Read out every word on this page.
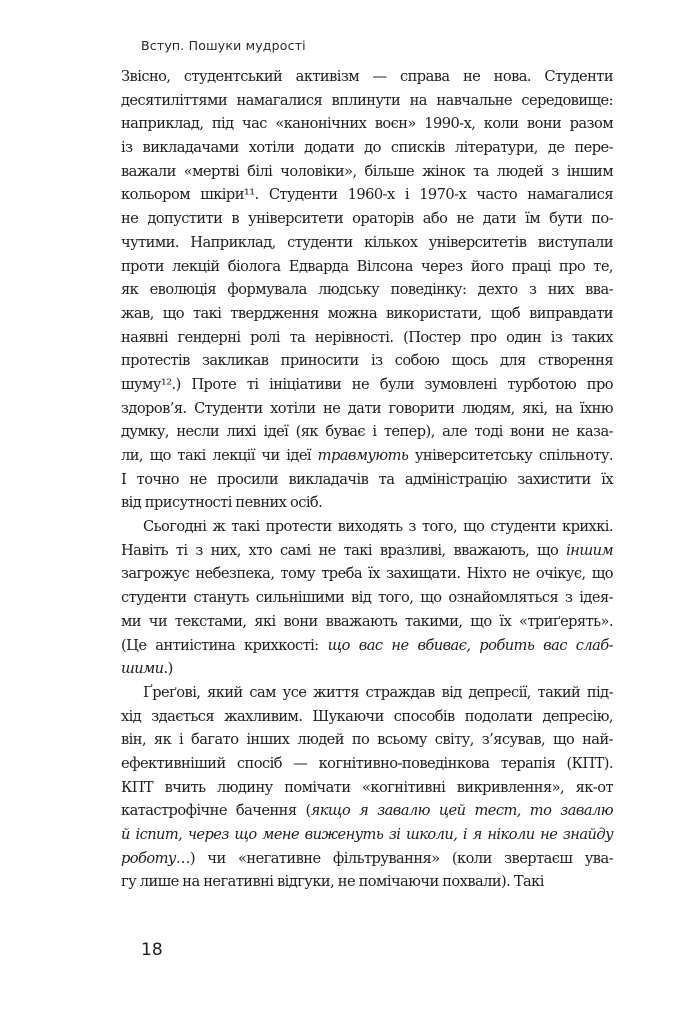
Вступ. Пошуки мудрості
Звісно, студентський активізм — справа не нова. Студенти
десятиліттями намагалися вплинути на навчальне середовище:
наприклад, під час «канонічних воєн» 1990-х, коли вони разом
із викладачами хотіли додати до списків літератури, де пере-
важали «мертві білі чоловіки», більше жінок та людей з іншим
кольором шкіри¹¹. Студенти 1960-х і 1970-х часто намагалися
не допустити в університети ораторів або не дати їм бути по-
чутими. Наприклад, студенти кількох університетів виступали
проти лекцій біолога Едварда Вілсона через його праці про те,
як еволюція формувала людську поведінку: дехто з них вва-
жав, що такі твердження можна використати, щоб виправдати
наявні гендерні ролі та нерівності. (Постер про один із таких
протестів закликав приносити із собою щось для створення
шуму¹².) Проте ті ініціативи не були зумовлені турботою про
здоров’я. Студенти хотіли не дати говорити людям, які, на їхню
думку, несли лихі ідеї (як буває і тепер), але тоді вони не каза-
ли, що такі лекції чи ідеї травмують університетську спільноту.
І точно не просили викладачів та адміністрацію захистити їх
від присутності певних осіб.
Сьогодні ж такі протести виходять з того, що студенти крихкі.
Навіть ті з них, хто самі не такі вразливі, вважають, що іншим
загрожує небезпека, тому треба їх захищати. Ніхто не очікує, що
студенти стануть сильнішими від того, що ознайомляться з ідея-
ми чи текстами, які вони вважають такими, що їх «триґерять».
(Це антиістина крихкості: що вас не вбиває, робить вас слаб-
шими.)
Ґреґові, який сам усе життя страждав від депресії, такий під-
хід здається жахливим. Шукаючи способів подолати депресію,
він, як і багато інших людей по всьому світу, з’ясував, що най-
ефективніший спосіб — когнітивно-поведінкова терапія (КПТ).
КПТ вчить людину помічати «когнітивні викривлення», як-от
катастрофічне бачення (якщо я завалю цей тест, то завалю
й іспит, через що мене виженуть зі школи, і я ніколи не знайду
роботу…) чи «негативне фільтрування» (коли звертаєш ува-
гу лише на негативні відгуки, не помічаючи похвали). Такі
18
